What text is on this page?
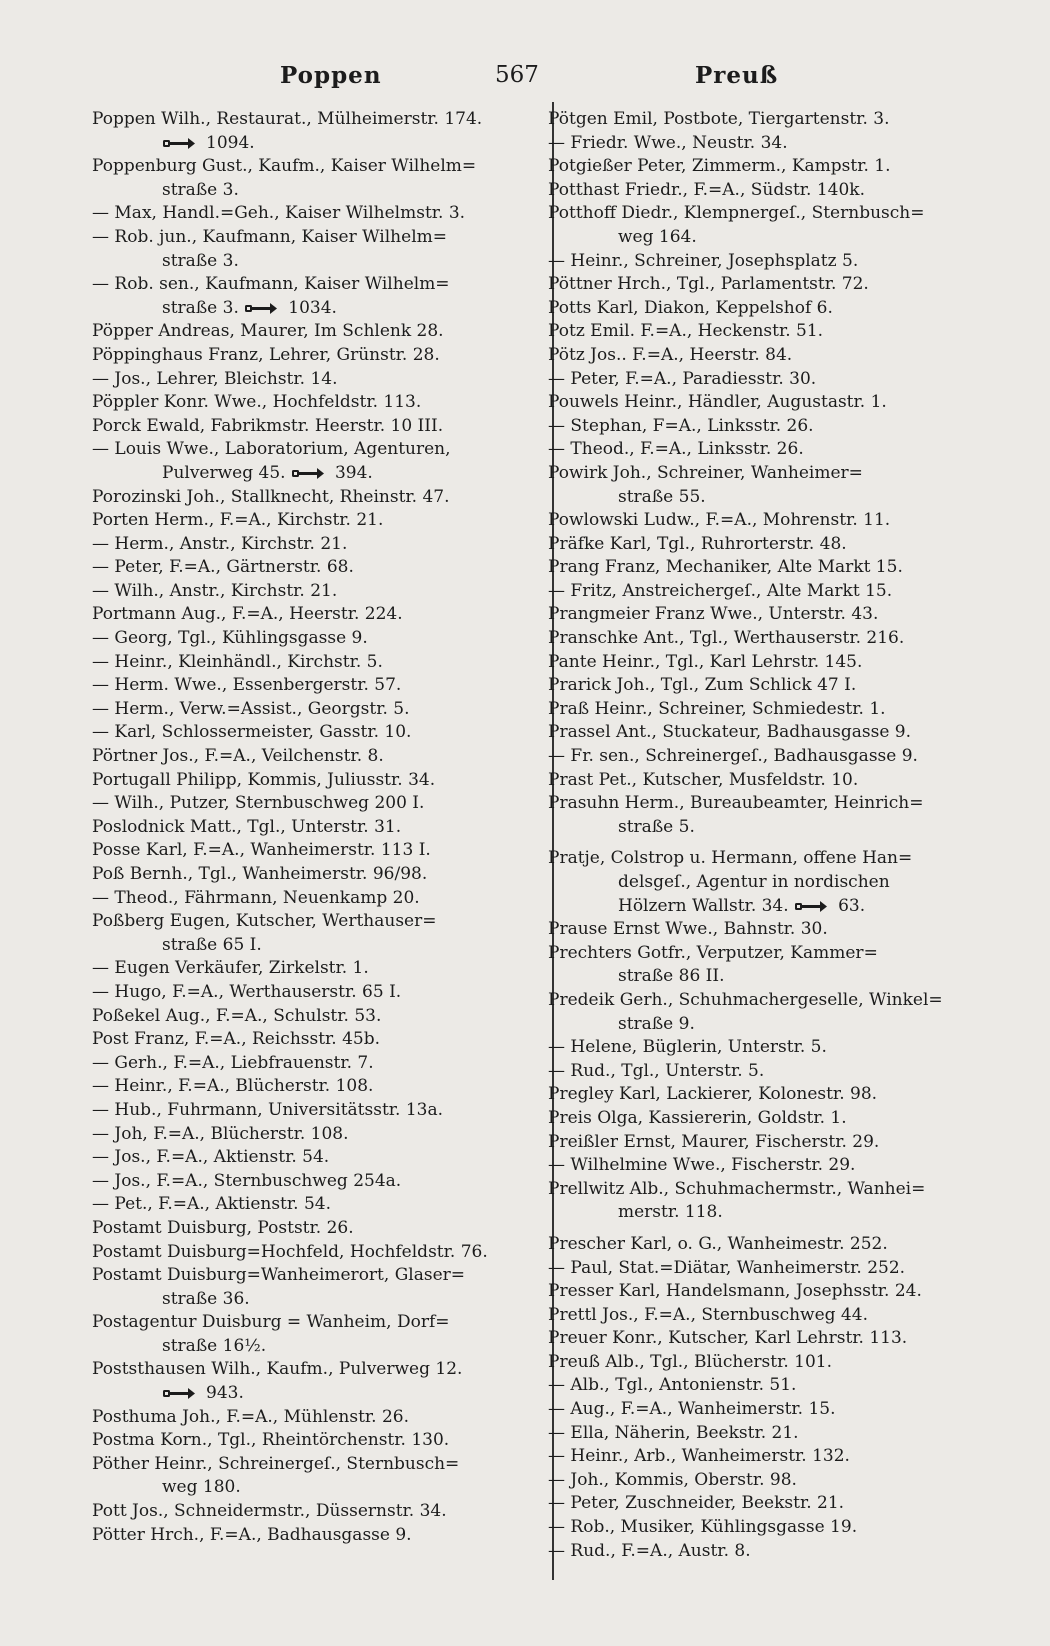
Poppen	567	Preuß
Poppen Wilh., Restaurat., Mülheimerstr. 174.
1094.
Poppenburg Gust., Kaufm., Kaiser Wilhelm=
straße 3.
— Max, Handl.=Geh., Kaiser Wilhelmstr. 3.
— Rob. jun., Kaufmann, Kaiser Wilhelm=
straße 3.
— Rob. sen., Kaufmann, Kaiser Wilhelm=
straße 3.	1034.
Pöpper Andreas, Maurer, Im Schlenk 28.
Pöppinghaus Franz, Lehrer, Grünstr. 28.
— Jos., Lehrer, Bleichstr. 14.
Pöppler Konr. Wwe., Hochfeldstr. 113.
Porck Ewald, Fabrikmstr. Heerstr. 10 III.
— Louis Wwe., Laboratorium, Agenturen,
Pulverweg 45.	394.
Porozinski Joh., Stallknecht, Rheinstr. 47.
Porten Herm., F.=A., Kirchstr. 21.
— Herm., Anstr., Kirchstr. 21.
— Peter, F.=A., Gärtnerstr. 68.
— Wilh., Anstr., Kirchstr. 21.
Portmann Aug., F.=A., Heerstr. 224.
— Georg, Tgl., Kühlingsgasse 9.
— Heinr., Kleinhändl., Kirchstr. 5.
— Herm. Wwe., Essenbergerstr. 57.
— Herm., Verw.=Assist., Georgstr. 5.
— Karl, Schlossermeister, Gasstr. 10.
Pörtner Jos., F.=A., Veilchenstr. 8.
Portugall Philipp, Kommis, Juliusstr. 34.
— Wilh., Putzer, Sternbuschweg 200 I.
Poslodnick Matt., Tgl., Unterstr. 31.
Posse Karl, F.=A., Wanheimerstr. 113 I.
Poß Bernh., Tgl., Wanheimerstr. 96/98.
— Theod., Fährmann, Neuenkamp 20.
Poßberg Eugen, Kutscher, Werthauser=
straße 65 I.
— Eugen Verkäufer, Zirkelstr. 1.
— Hugo, F.=A., Werthauserstr. 65 I.
Poßekel Aug., F.=A., Schulstr. 53.
Post Franz, F.=A., Reichsstr. 45b.
— Gerh., F.=A., Liebfrauenstr. 7.
— Heinr., F.=A., Blücherstr. 108.
— Hub., Fuhrmann, Universitätsstr. 13a.
— Joh, F.=A., Blücherstr. 108.
— Jos., F.=A., Aktienstr. 54.
— Jos., F.=A., Sternbuschweg 254a.
— Pet., F.=A., Aktienstr. 54.
Postamt Duisburg, Poststr. 26.
Postamt Duisburg=Hochfeld, Hochfeldstr. 76.
Postamt Duisburg=Wanheimerort, Glaser=
straße 36.
Postagentur Duisburg = Wanheim, Dorf=
straße 16½.
Poststhausen Wilh., Kaufm., Pulverweg 12.
943.
Posthuma Joh., F.=A., Mühlenstr. 26.
Postma Korn., Tgl., Rheintörchenstr. 130.
Pöther Heinr., Schreinergeſ., Sternbusch=
weg 180.
Pott Jos., Schneidermstr., Düssernstr. 34.
Pötter Hrch., F.=A., Badhausgasse 9.
Pötgen Emil, Postbote, Tiergartenstr. 3.
— Friedr. Wwe., Neustr. 34.
Potgießer Peter, Zimmerm., Kampstr. 1.
Potthast Friedr., F.=A., Südstr. 140k.
Potthoff Diedr., Klempnergeſ., Sternbusch=
weg 164.
— Heinr., Schreiner, Josephsplatz 5.
Pöttner Hrch., Tgl., Parlamentstr. 72.
Potts Karl, Diakon, Keppelshof 6.
Potz Emil. F.=A., Heckenstr. 51.
Pötz Jos.. F.=A., Heerstr. 84.
— Peter, F.=A., Paradiesstr. 30.
Pouwels Heinr., Händler, Augustastr. 1.
— Stephan, F=A., Linksstr. 26.
— Theod., F.=A., Linksstr. 26.
Powirk Joh., Schreiner, Wanheimer=
straße 55.
Powlowski Ludw., F.=A., Mohrenstr. 11.
Präfke Karl, Tgl., Ruhrorterstr. 48.
Prang Franz, Mechaniker, Alte Markt 15.
— Fritz, Anstreichergeſ., Alte Markt 15.
Prangmeier Franz Wwe., Unterstr. 43.
Pranschke Ant., Tgl., Werthauserstr. 216.
Pante Heinr., Tgl., Karl Lehrstr. 145.
Prarick Joh., Tgl., Zum Schlick 47 I.
Praß Heinr., Schreiner, Schmiedestr. 1.
Prassel Ant., Stuckateur, Badhausgasse 9.
— Fr. sen., Schreinergeſ., Badhausgasse 9.
Prast Pet., Kutscher, Musfeldstr. 10.
Prasuhn Herm., Bureaubeamter, Heinrich=
straße 5.
Pratje, Colstrop u. Hermann, offene Han=
delsgeſ., Agentur in nordischen
Hölzern Wallstr. 34.	63.
Prause Ernst Wwe., Bahnstr. 30.
Prechters Gotfr., Verputzer, Kammer=
straße 86 II.
Predeik Gerh., Schuhmachergeselle, Winkel=
straße 9.
— Helene, Büglerin, Unterstr. 5.
— Rud., Tgl., Unterstr. 5.
Pregley Karl, Lackierer, Kolonestr. 98.
Preis Olga, Kassiererin, Goldstr. 1.
Preißler Ernst, Maurer, Fischerstr. 29.
— Wilhelmine Wwe., Fischerstr. 29.
Prellwitz Alb., Schuhmachermstr., Wanhei=
merstr. 118.
Prescher Karl, o. G., Wanheimestr. 252.
— Paul, Stat.=Diätar, Wanheimerstr. 252.
Presser Karl, Handelsmann, Josephsstr. 24.
Prettl Jos., F.=A., Sternbuschweg 44.
Preuer Konr., Kutscher, Karl Lehrstr. 113.
Preuß Alb., Tgl., Blücherstr. 101.
— Alb., Tgl., Antonienstr. 51.
— Aug., F.=A., Wanheimerstr. 15.
— Ella, Näherin, Beekstr. 21.
— Heinr., Arb., Wanheimerstr. 132.
— Joh., Kommis, Oberstr. 98.
— Peter, Zuschneider, Beekstr. 21.
— Rob., Musiker, Kühlingsgasse 19.
— Rud., F.=A., Austr. 8.
